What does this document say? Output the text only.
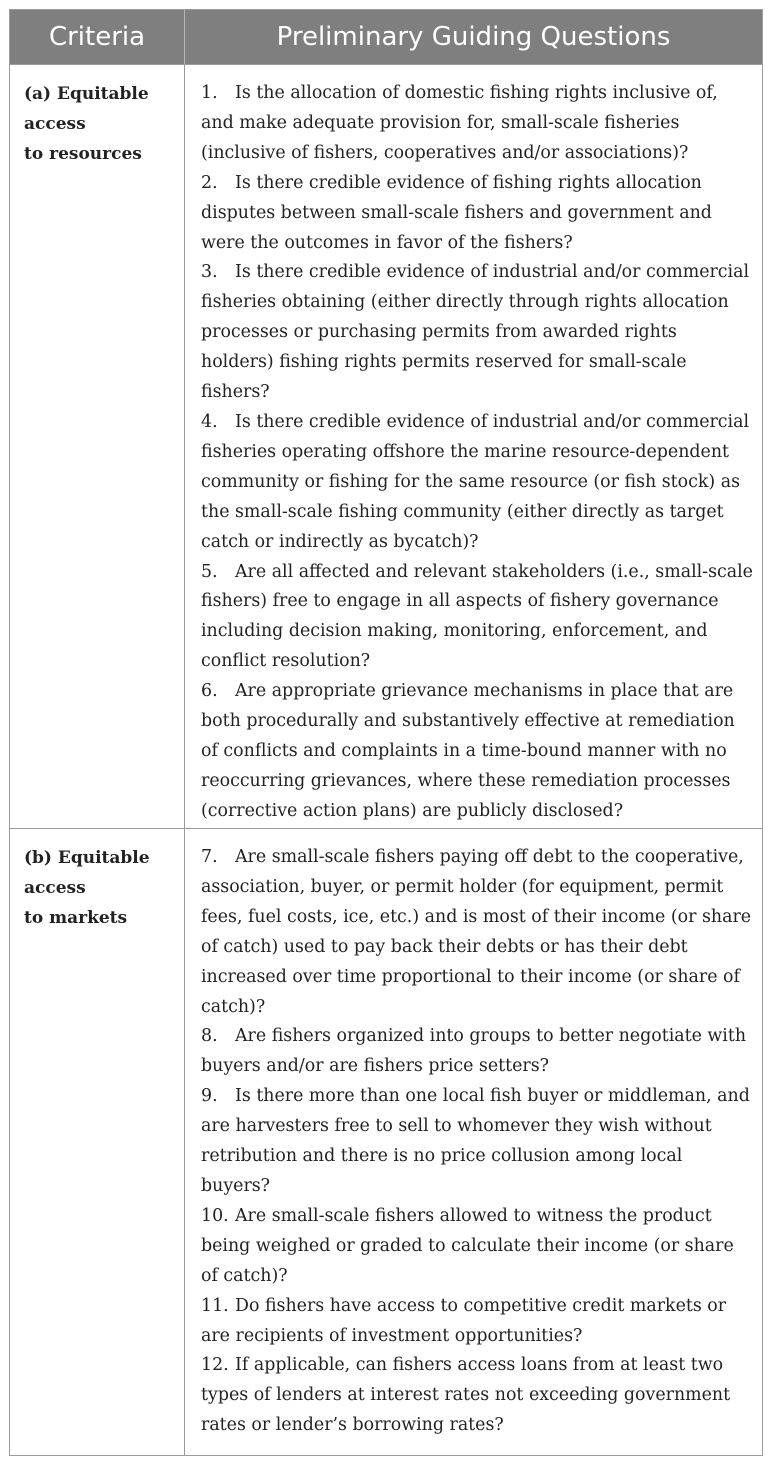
Criteria	Preliminary Guiding Questions
(a) Equitable
access
to resources

1. Is the allocation of domestic fishing rights inclusive of, and make adequate provision for, small-scale fisheries (inclusive of fishers, cooperatives and/or associations)?

2. Is there credible evidence of fishing rights allocation disputes between small-scale fishers and government and were the outcomes in favor of the fishers?

3. Is there credible evidence of industrial and/or commercial fisheries obtaining (either directly through rights allocation processes or purchasing permits from awarded rights holders) fishing rights permits reserved for small-scale fishers?

4. Is there credible evidence of industrial and/or commercial fisheries operating offshore the marine resource-dependent community or fishing for the same resource (or fish stock) as the small-scale fishing community (either directly as target catch or indirectly as bycatch)?

5. Are all affected and relevant stakeholders (i.e., small-scale fishers) free to engage in all aspects of fishery governance including decision making, monitoring, enforcement, and conflict resolution?

6. Are appropriate grievance mechanisms in place that are both procedurally and substantively effective at remediation of conflicts and complaints in a time-bound manner with no reoccurring grievances, where these remediation processes (corrective action plans) are publicly disclosed?

(b) Equitable
access
to markets

7. Are small-scale fishers paying off debt to the cooperative, association, buyer, or permit holder (for equipment, permit fees, fuel costs, ice, etc.) and is most of their income (or share of catch) used to pay back their debts or has their debt increased over time proportional to their income (or share of catch)?

8. Are fishers organized into groups to better negotiate with buyers and/or are fishers price setters?

9. Is there more than one local fish buyer or middleman, and are harvesters free to sell to whomever they wish without retribution and there is no price collusion among local buyers?

10. Are small-scale fishers allowed to witness the product being weighed or graded to calculate their income (or share of catch)?

11. Do fishers have access to competitive credit markets or are recipients of investment opportunities?

12. If applicable, can fishers access loans from at least two types of lenders at interest rates not exceeding government rates or lender’s borrowing rates?
